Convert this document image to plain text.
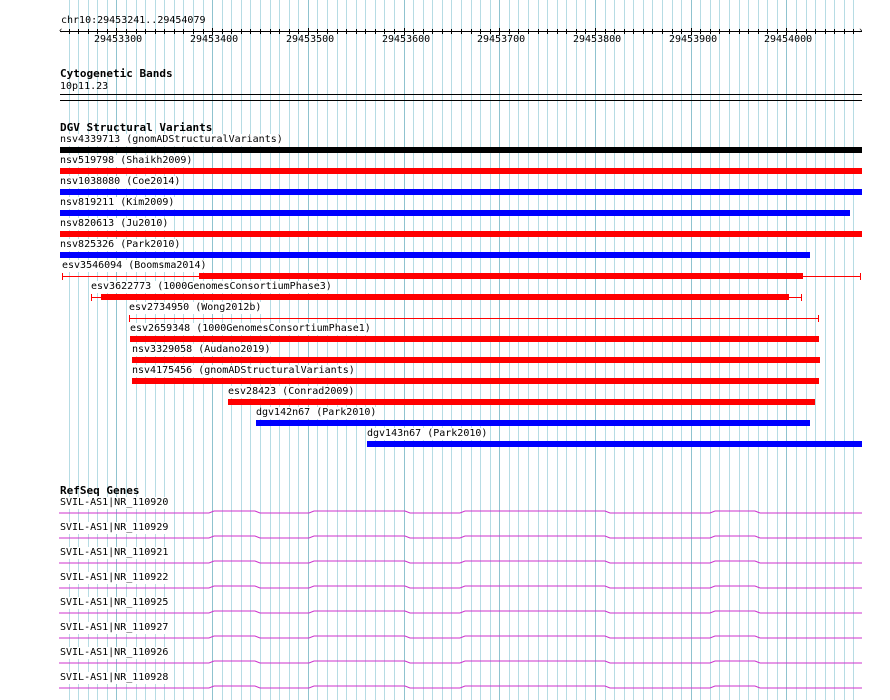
chr10:29453241..29454079
‹	›
29453300	29453400	29453500	29453600	29453700	29453800	29453900	29454000
Cytogenetic Bands
10p11.23
DGV Structural Variants
nsv4339713 (gnomADStructuralVariants)
nsv519798 (Shaikh2009)
nsv1038080 (Coe2014)
nsv819211 (Kim2009)
nsv820613 (Ju2010)
nsv825326 (Park2010)
esv3546094 (Boomsma2014)
esv3622773 (1000GenomesConsortiumPhase3)
esv2734950 (Wong2012b)
esv2659348 (1000GenomesConsortiumPhase1)
nsv3329058 (Audano2019)
nsv4175456 (gnomADStructuralVariants)
esv28423 (Conrad2009)
dgv142n67 (Park2010)
dgv143n67 (Park2010)
RefSeq Genes
SVIL-AS1|NR_110920
SVIL-AS1|NR_110929
SVIL-AS1|NR_110921
SVIL-AS1|NR_110922
SVIL-AS1|NR_110925
SVIL-AS1|NR_110927
SVIL-AS1|NR_110926
SVIL-AS1|NR_110928
